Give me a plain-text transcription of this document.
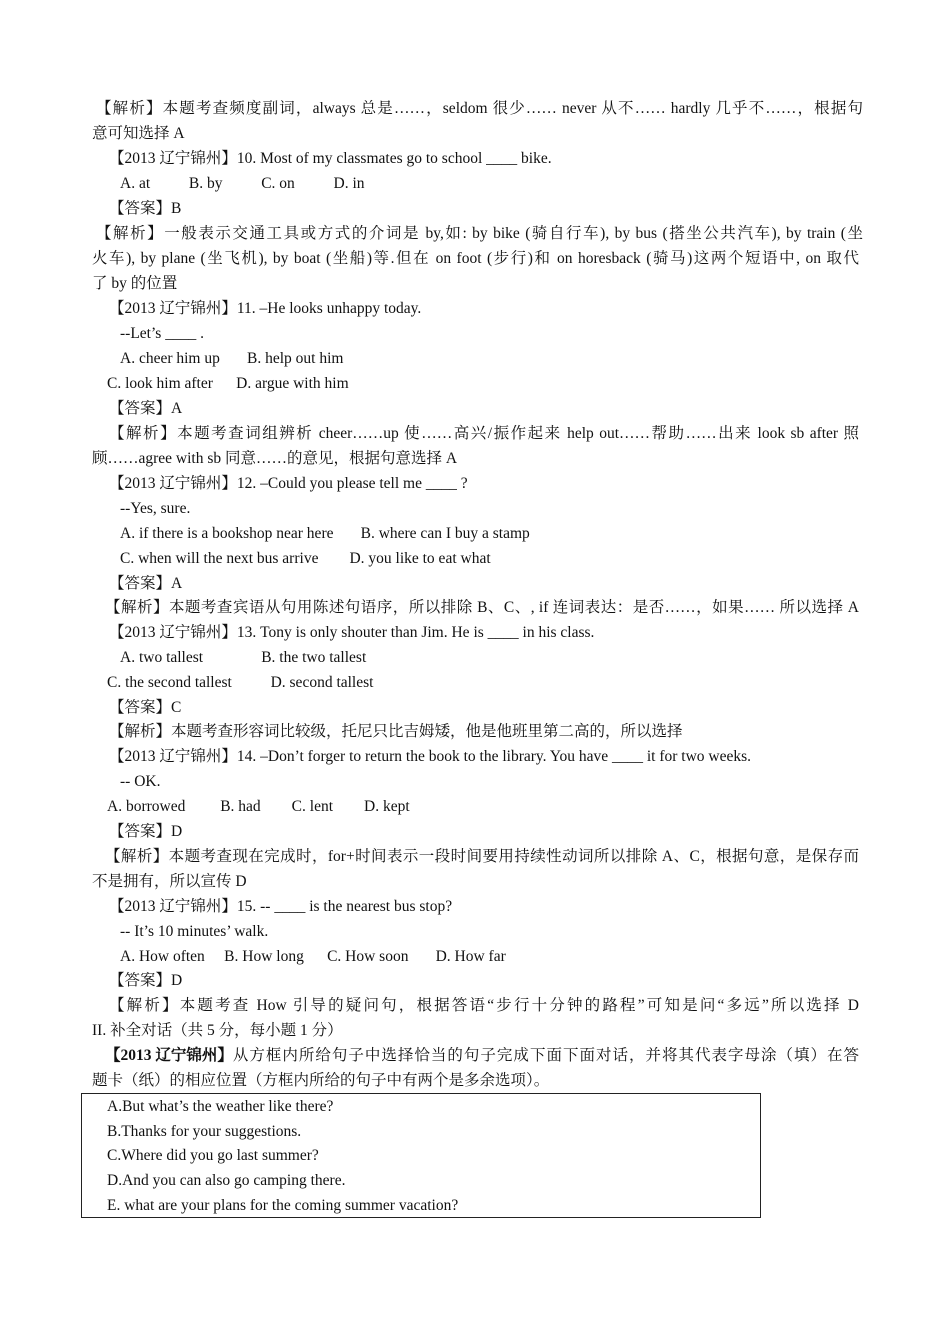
【解析】本题考查频度副词，always 总是……，seldom 很少…… never 从不…… hardly 几乎不……，根据句
意可知选择 A
【2013 辽宁锦州】10. Most of my classmates go to school ____ bike.
A. at          B. by          C. on          D. in
【答案】B
【解析】一般表示交通工具或方式的介词是 by,如: by bike (骑自行车), by bus (搭坐公共汽车), by train (坐
火车), by plane (坐飞机), by boat (坐船)等.但在 on foot (步行)和 on horesback (骑马)这两个短语中, on 取代
了 by 的位置
【2013 辽宁锦州】11. –He looks unhappy today.
--Let’s ____ .
A. cheer him up       B. help out him
C. look him after      D. argue with him
【答案】A
【解析】本题考查词组辨析 cheer……up 使……高兴/振作起来 help out……帮助……出来 look sb after 照
顾……agree with sb 同意……的意见，根据句意选择 A
【2013 辽宁锦州】12. –Could you please tell me ____ ?
--Yes, sure.
A. if there is a bookshop near here       B. where can I buy a stamp
C. when will the next bus arrive        D. you like to eat what
【答案】A
【解析】本题考查宾语从句用陈述句语序，所以排除 B、C、, if 连词表达：是否……，如果…… 所以选择 A
【2013 辽宁锦州】13. Tony is only shouter than Jim. He is ____ in his class.
A. two tallest               B. the two tallest
C. the second tallest          D. second tallest
【答案】C
【解析】本题考查形容词比较级，托尼只比吉姆矮，他是他班里第二高的，所以选择
【2013 辽宁锦州】14. –Don’t forger to return the book to the library. You have ____ it for two weeks.
-- OK.
A. borrowed         B. had        C. lent        D. kept
【答案】D
【解析】本题考查现在完成时，for+时间表示一段时间要用持续性动词所以排除 A、C，根据句意，是保存而
不是拥有，所以宣传 D
【2013 辽宁锦州】15. -- ____ is the nearest bus stop?
-- It’s 10 minutes’ walk.
A. How often     B. How long      C. How soon       D. How far
【答案】D
【解析】本题考查 How 引导的疑问句，根据答语“步行十分钟的路程”可知是问“多远”所以选择 D
II. 补全对话（共 5 分，每小题 1 分）
【2013 辽宁锦州】 从方框内所给句子中选择恰当的句子完成下面下面对话，并将其代表字母涂（填）在答
题卡（纸）的相应位置（方框内所给的句子中有两个是多余选项）。
A.But what’s the weather like there?
B.Thanks for your suggestions.
C.Where did you go last summer?
D.And you can also go camping there.
E. what are your plans for the coming summer vacation?
